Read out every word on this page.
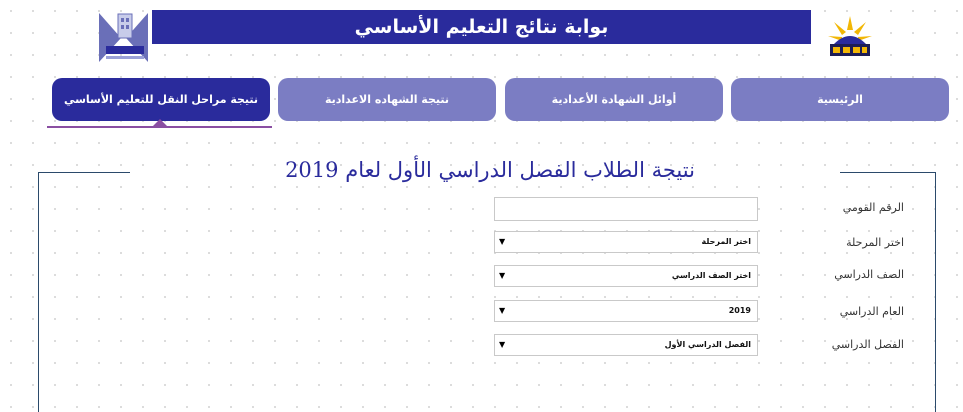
بوابة نتائج التعليم الأساسي
الرئيسية
أوائل الشهادة الأعدادية
نتيجة الشهاده الاعدادية
نتيجة مراحل النقل للتعليم الأساسي
نتيجة الطلاب الفصل الدراسي الأول لعام 2019
الرقم القومي
اختر المرحلة
▼	اختر المرحلة
الصف الدراسي
▼	اختر الصف الدراسي
العام الدراسي
▼	2019
الفصل الدراسي
▼	الفصل الدراسي الأول
